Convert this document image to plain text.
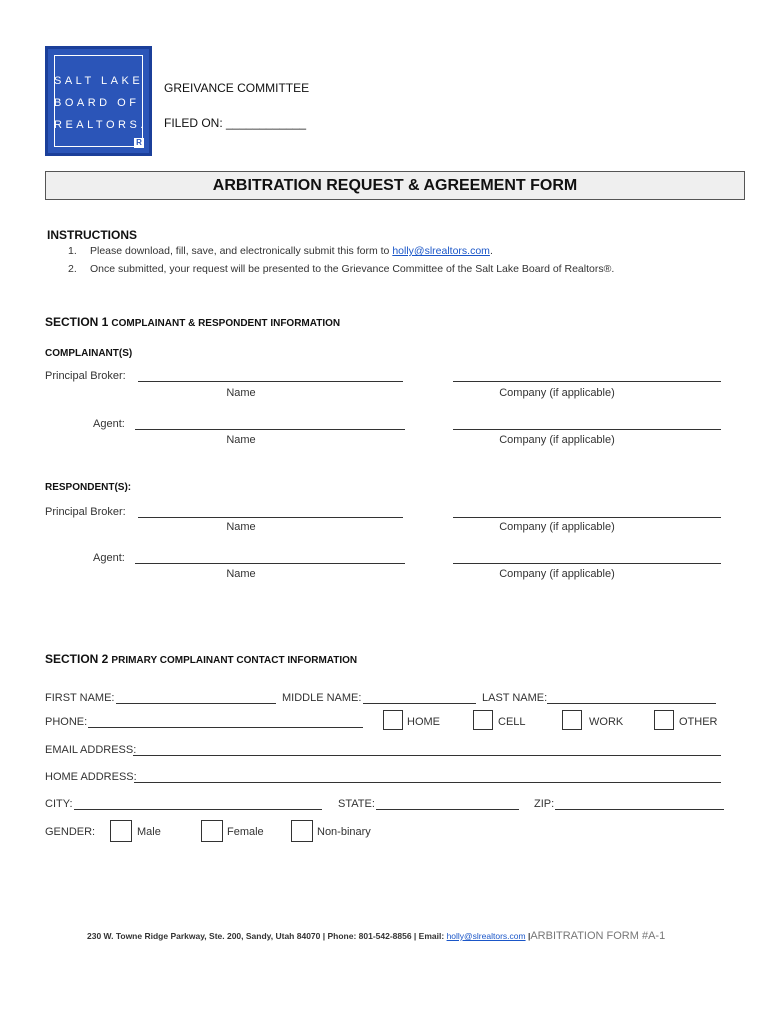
SALT LAKE
BOARD OF
REALTORS.
R
GREIVANCE COMMITTEE
FILED ON: ____________
ARBITRATION REQUEST & AGREEMENT FORM
INSTRUCTIONS
1. Please download, fill, save, and electronically submit this form to holly@slrealtors.com.
2. Once submitted, your request will be presented to the Grievance Committee of the Salt Lake Board of Realtors®.
SECTION 1 COMPLAINANT & RESPONDENT INFORMATION
COMPLAINANT(S)
Principal Broker:
Name	Company (if applicable)
Agent:
Name	Company (if applicable)
RESPONDENT(S):
Principal Broker:
Name	Company (if applicable)
Agent:
Name	Company (if applicable)
SECTION 2 PRIMARY COMPLAINANT CONTACT INFORMATION
FIRST NAME:	MIDDLE NAME:	LAST NAME:
PHONE:	HOME	CELL	WORK	OTHER
EMAIL ADDRESS:
HOME ADDRESS:
CITY:	STATE:	ZIP:
GENDER:	Male	Female	Non-binary
230 W. Towne Ridge Parkway, Ste. 200, Sandy, Utah 84070 | Phone: 801-542-8856 | Email: holly@slrealtors.com |ARBITRATION FORM #A-1
